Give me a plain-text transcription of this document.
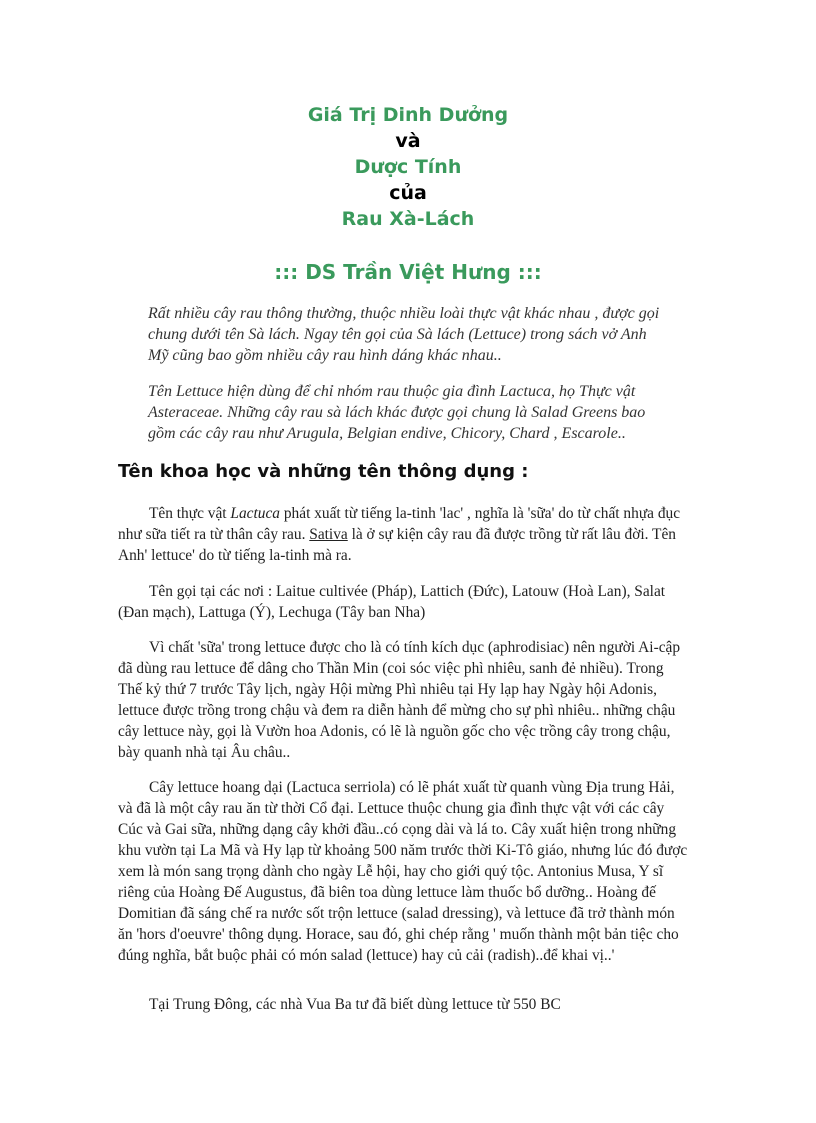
Giá Trị Dinh Dưởng
và
Dược Tính
của
Rau Xà-Lách
::: DS Trần Việt Hưng :::

Rất nhiều cây rau thông thường, thuộc nhiều loài thực vật khác nhau , được gọi chung dưới tên Sà lách. Ngay tên gọi của Sà lách (Lettuce) trong sách vở Anh Mỹ cũng bao gồm nhiều cây rau hình dáng khác nhau..

Tên Lettuce hiện dùng để chỉ nhóm rau thuộc gia đình Lactuca, họ Thực vật Asteraceae. Những cây rau sà lách khác được gọi chung là Salad Greens bao gồm các cây rau như Arugula, Belgian endive, Chicory, Chard , Escarole..

Tên khoa học và những tên thông dụng :

Tên thực vật Lactuca phát xuất từ tiếng la-tinh 'lac' , nghĩa là 'sữa' do từ chất nhựa đục như sữa tiết ra từ thân cây rau. Sativa là ở sự kiện cây rau đã được trồng từ rất lâu đời. Tên Anh' lettuce' do từ tiếng la-tinh mà ra.

Tên gọi tại các nơi : Laitue cultivée (Pháp), Lattich (Đức), Latouw (Hoà Lan), Salat (Đan mạch), Lattuga (Ý), Lechuga (Tây ban Nha)

Vì chất 'sữa' trong lettuce được cho là có tính kích dục (aphrodisiac) nên người Ai-cập đã dùng rau lettuce để dâng cho Thần Min (coi sóc việc phì nhiêu, sanh đẻ nhiều). Trong Thế kỷ thứ 7 trước Tây lịch, ngày Hội mừng Phì nhiêu tại Hy lạp hay Ngày hội Adonis, lettuce được trồng trong chậu và đem ra diễn hành để mừng cho sự phì nhiêu.. những chậu cây lettuce này, gọi là Vườn hoa Adonis, có lẽ là nguồn gốc cho vệc trồng cây trong chậu, bày quanh nhà tại Âu châu..

Cây lettuce hoang dại (Lactuca serriola) có lẽ phát xuất từ quanh vùng Địa trung Hải, và đã là một cây rau ăn từ thời Cổ đại. Lettuce thuộc chung gia đình thực vật với các cây Cúc và Gai sữa, những dạng cây khởi đầu..có cọng dài và lá to. Cây xuất hiện trong những khu vườn tại La Mã và Hy lạp từ khoảng 500 năm trước thời Ki-Tô giáo, nhưng lúc đó được xem là món sang trọng dành cho ngày Lễ hội, hay cho giới quý tộc. Antonius Musa, Y sĩ riêng của Hoàng Đế Augustus, đã biên toa dùng lettuce làm thuốc bổ dưỡng.. Hoàng đế Domitian đã sáng chế ra nước sốt trộn lettuce (salad dressing), và lettuce đã trở thành món ăn 'hors d'oeuvre' thông dụng. Horace, sau đó, ghi chép rằng ' muốn thành một bản tiệc cho đúng nghĩa, bắt buộc phải có món salad (lettuce) hay củ cải (radish)..để khai vị..'

Tại Trung Đông, các nhà Vua Ba tư đã biết dùng lettuce từ 550 BC
